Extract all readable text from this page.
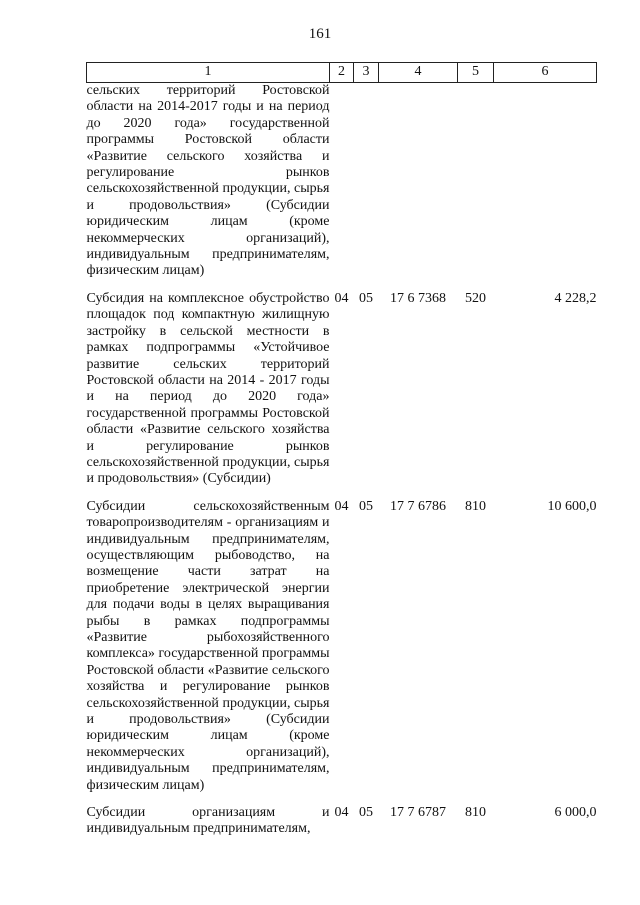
161
1	2	3	4	5	6
сельских территорий Ростовской области на 2014-2017 годы и на период до 2020 года» государственной программы Ростовской области «Развитие сельского хозяйства и регулирование рынков сельскохозяйственной продукции, сырья и продовольствия» (Субсидии юридическим лицам (кроме некоммерческих организаций), индивидуальным предпринимателям, физическим лицам)					

Субсидия на комплексное обустройство площадок под компактную жилищную застройку в сельской местности в рамках подпрограммы «Устойчивое развитие сельских территорий Ростовской области на 2014 - 2017 годы и на период до 2020 года» государственной программы Ростовской области «Развитие сельского хозяйства и регулирование рынков сельскохозяйственной продукции, сырья и продовольствия» (Субсидии)	04	05	17 6 7368	520	4 228,2

Субсидии сельскохозяйственным товаропроизводителям - организациям и индивидуальным предпринимателям, осуществляющим рыбоводство, на возмещение части затрат на приобретение электрической энергии для подачи воды в целях выращивания рыбы в рамках подпрограммы «Развитие рыбохозяйственного комплекса» государственной программы Ростовской области «Развитие сельского хозяйства и регулирование рынков сельскохозяйственной продукции, сырья и продовольствия» (Субсидии юридическим лицам (кроме некоммерческих организаций), индивидуальным предпринимателям, физическим лицам)	04	05	17 7 6786	810	10 600,0

Субсидии организациям и индивидуальным предпринимателям,	04	05	17 7 6787	810	6 000,0
